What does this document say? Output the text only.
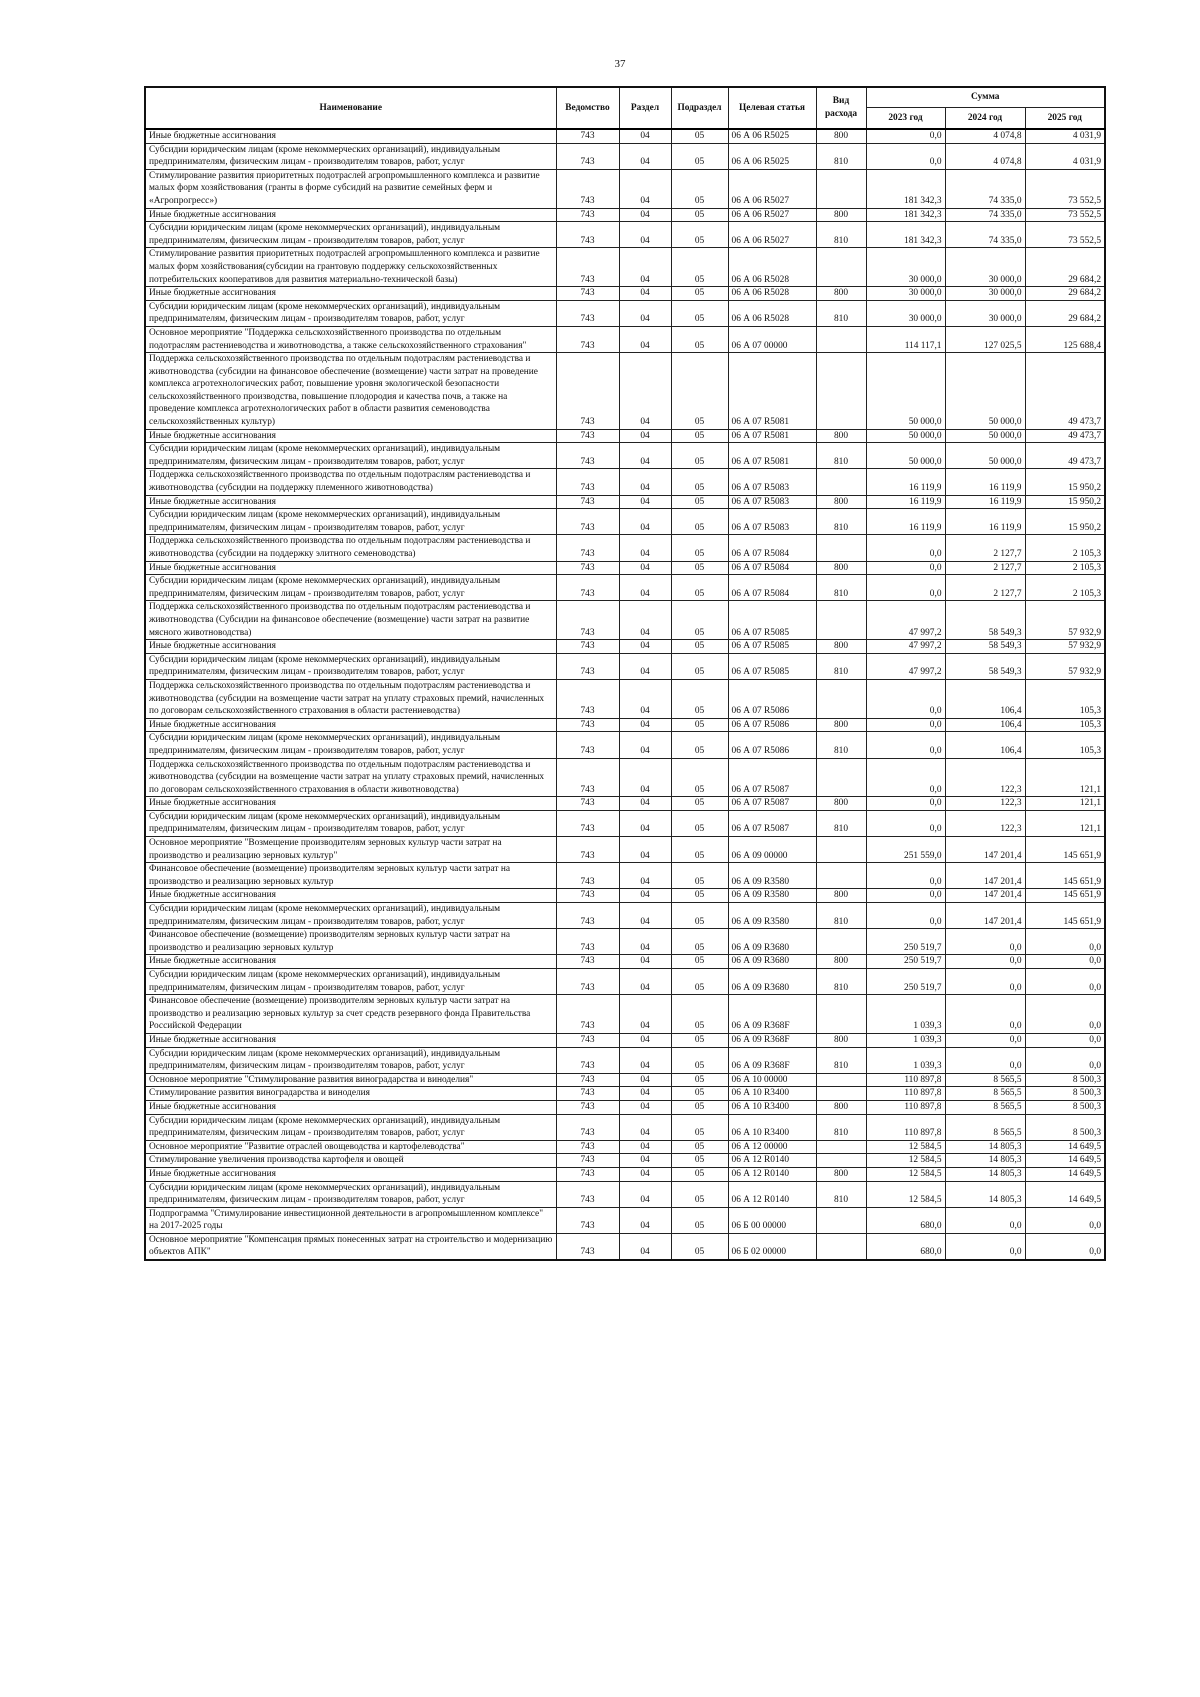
37
Наименование	Ведомство	Раздел	Подраздел	Целевая статья	Вид расхода	Сумма		
						2023 год	2024 год	2025 год
Иные бюджетные ассигнования	743	04	05	06 А 06 R5025	800	0,0	4 074,8	4 031,9
Субсидии юридическим лицам (кроме некоммерческих организаций), индивидуальным предпринимателям, физическим лицам - производителям товаров, работ, услуг	743	04	05	06 А 06 R5025	810	0,0	4 074,8	4 031,9
Стимулирование развития приоритетных подотраслей агропромышленного комплекса и развитие малых форм хозяйствования (гранты в форме субсидий на развитие семейных ферм и «Агропрогресс»)	743	04	05	06 А 06 R5027		181 342,3	74 335,0	73 552,5
Иные бюджетные ассигнования	743	04	05	06 А 06 R5027	800	181 342,3	74 335,0	73 552,5
Субсидии юридическим лицам (кроме некоммерческих организаций), индивидуальным предпринимателям, физическим лицам - производителям товаров, работ, услуг	743	04	05	06 А 06 R5027	810	181 342,3	74 335,0	73 552,5
Стимулирование развития приоритетных подотраслей агропромышленного комплекса и развитие малых форм хозяйствования(субсидии на грантовую поддержку сельскохозяйственных потребительских кооперативов для развития материально-технической базы)	743	04	05	06 А 06 R5028		30 000,0	30 000,0	29 684,2
Иные бюджетные ассигнования	743	04	05	06 А 06 R5028	800	30 000,0	30 000,0	29 684,2
Субсидии юридическим лицам (кроме некоммерческих организаций), индивидуальным предпринимателям, физическим лицам - производителям товаров, работ, услуг	743	04	05	06 А 06 R5028	810	30 000,0	30 000,0	29 684,2
Основное мероприятие "Поддержка сельскохозяйственного производства по отдельным подотраслям растениеводства и животноводства, а также сельскохозяйственного страхования"	743	04	05	06 А 07 00000		114 117,1	127 025,5	125 688,4
Поддержка сельскохозяйственного производства по отдельным подотраслям растениеводства и животноводства (субсидии на финансовое обеспечение (возмещение) части затрат на проведение комплекса агротехнологических работ, повышение уровня экологической безопасности сельскохозяйственного производства, повышение плодородия и качества почв, а также на проведение комплекса агротехнологических работ в области развития семеноводства сельскохозяйственных культур)	743	04	05	06 А 07 R5081		50 000,0	50 000,0	49 473,7
Иные бюджетные ассигнования	743	04	05	06 А 07 R5081	800	50 000,0	50 000,0	49 473,7
Субсидии юридическим лицам (кроме некоммерческих организаций), индивидуальным предпринимателям, физическим лицам - производителям товаров, работ, услуг	743	04	05	06 А 07 R5081	810	50 000,0	50 000,0	49 473,7
Поддержка сельскохозяйственного производства по отдельным подотраслям растениеводства и животноводства (субсидии на поддержку племенного животноводства)	743	04	05	06 А 07 R5083		16 119,9	16 119,9	15 950,2
Иные бюджетные ассигнования	743	04	05	06 А 07 R5083	800	16 119,9	16 119,9	15 950,2
Субсидии юридическим лицам (кроме некоммерческих организаций), индивидуальным предпринимателям, физическим лицам - производителям товаров, работ, услуг	743	04	05	06 А 07 R5083	810	16 119,9	16 119,9	15 950,2
Поддержка сельскохозяйственного производства по отдельным подотраслям растениеводства и животноводства (субсидии на поддержку элитного семеноводства)	743	04	05	06 А 07 R5084		0,0	2 127,7	2 105,3
Иные бюджетные ассигнования	743	04	05	06 А 07 R5084	800	0,0	2 127,7	2 105,3
Субсидии юридическим лицам (кроме некоммерческих организаций), индивидуальным предпринимателям, физическим лицам - производителям товаров, работ, услуг	743	04	05	06 А 07 R5084	810	0,0	2 127,7	2 105,3
Поддержка сельскохозяйственного производства по отдельным подотраслям растениеводства и животноводства (Субсидии на финансовое обеспечение (возмещение) части затрат на развитие мясного животноводства)	743	04	05	06 А 07 R5085		47 997,2	58 549,3	57 932,9
Иные бюджетные ассигнования	743	04	05	06 А 07 R5085	800	47 997,2	58 549,3	57 932,9
Субсидии юридическим лицам (кроме некоммерческих организаций), индивидуальным предпринимателям, физическим лицам - производителям товаров, работ, услуг	743	04	05	06 А 07 R5085	810	47 997,2	58 549,3	57 932,9
Поддержка сельскохозяйственного производства по отдельным подотраслям растениеводства и животноводства (субсидии на возмещение части затрат на уплату страховых премий, начисленных по договорам сельскохозяйственного страхования в области растениеводства)	743	04	05	06 А 07 R5086		0,0	106,4	105,3
Иные бюджетные ассигнования	743	04	05	06 А 07 R5086	800	0,0	106,4	105,3
Субсидии юридическим лицам (кроме некоммерческих организаций), индивидуальным предпринимателям, физическим лицам - производителям товаров, работ, услуг	743	04	05	06 А 07 R5086	810	0,0	106,4	105,3
Поддержка сельскохозяйственного производства по отдельным подотраслям растениеводства и животноводства (субсидии на возмещение части затрат на уплату страховых премий, начисленных по договорам сельскохозяйственного страхования в области животноводства)	743	04	05	06 А 07 R5087		0,0	122,3	121,1
Иные бюджетные ассигнования	743	04	05	06 А 07 R5087	800	0,0	122,3	121,1
Субсидии юридическим лицам (кроме некоммерческих организаций), индивидуальным предпринимателям, физическим лицам - производителям товаров, работ, услуг	743	04	05	06 А 07 R5087	810	0,0	122,3	121,1
Основное мероприятие "Возмещение производителям зерновых культур части затрат на производство и реализацию зерновых культур"	743	04	05	06 А 09 00000		251 559,0	147 201,4	145 651,9
Финансовое обеспечение (возмещение) производителям зерновых культур части затрат на производство и реализацию зерновых культур	743	04	05	06 А 09 R3580		0,0	147 201,4	145 651,9
Иные бюджетные ассигнования	743	04	05	06 А 09 R3580	800	0,0	147 201,4	145 651,9
Субсидии юридическим лицам (кроме некоммерческих организаций), индивидуальным предпринимателям, физическим лицам - производителям товаров, работ, услуг	743	04	05	06 А 09 R3580	810	0,0	147 201,4	145 651,9
Финансовое обеспечение (возмещение) производителям зерновых культур части затрат на производство и реализацию зерновых культур	743	04	05	06 А 09 R3680		250 519,7	0,0	0,0
Иные бюджетные ассигнования	743	04	05	06 А 09 R3680	800	250 519,7	0,0	0,0
Субсидии юридическим лицам (кроме некоммерческих организаций), индивидуальным предпринимателям, физическим лицам - производителям товаров, работ, услуг	743	04	05	06 А 09 R3680	810	250 519,7	0,0	0,0
Финансовое обеспечение (возмещение) производителям зерновых культур части затрат на производство и реализацию зерновых культур за счет средств резервного фонда Правительства Российской Федерации	743	04	05	06 А 09 R368F		1 039,3	0,0	0,0
Иные бюджетные ассигнования	743	04	05	06 А 09 R368F	800	1 039,3	0,0	0,0
Субсидии юридическим лицам (кроме некоммерческих организаций), индивидуальным предпринимателям, физическим лицам - производителям товаров, работ, услуг	743	04	05	06 А 09 R368F	810	1 039,3	0,0	0,0
Основное мероприятие "Стимулирование развития виноградарства и виноделия"	743	04	05	06 А 10 00000		110 897,8	8 565,5	8 500,3
Стимулирование развития виноградарства и виноделия	743	04	05	06 А 10 R3400		110 897,8	8 565,5	8 500,3
Иные бюджетные ассигнования	743	04	05	06 А 10 R3400	800	110 897,8	8 565,5	8 500,3
Субсидии юридическим лицам (кроме некоммерческих организаций), индивидуальным предпринимателям, физическим лицам - производителям товаров, работ, услуг	743	04	05	06 А 10 R3400	810	110 897,8	8 565,5	8 500,3
Основное мероприятие "Развитие отраслей овощеводства и картофелеводства"	743	04	05	06 А 12 00000		12 584,5	14 805,3	14 649,5
Стимулирование увеличения производства картофеля и овощей	743	04	05	06 А 12 R0140		12 584,5	14 805,3	14 649,5
Иные бюджетные ассигнования	743	04	05	06 А 12 R0140	800	12 584,5	14 805,3	14 649,5
Субсидии юридическим лицам (кроме некоммерческих организаций), индивидуальным предпринимателям, физическим лицам - производителям товаров, работ, услуг	743	04	05	06 А 12 R0140	810	12 584,5	14 805,3	14 649,5
Подпрограмма "Стимулирование инвестиционной деятельности в агропромышленном комплексе" на 2017-2025 годы	743	04	05	06 Б 00 00000		680,0	0,0	0,0
Основное мероприятие "Компенсация прямых понесенных затрат на строительство и модернизацию объектов АПК"	743	04	05	06 Б 02 00000		680,0	0,0	0,0
